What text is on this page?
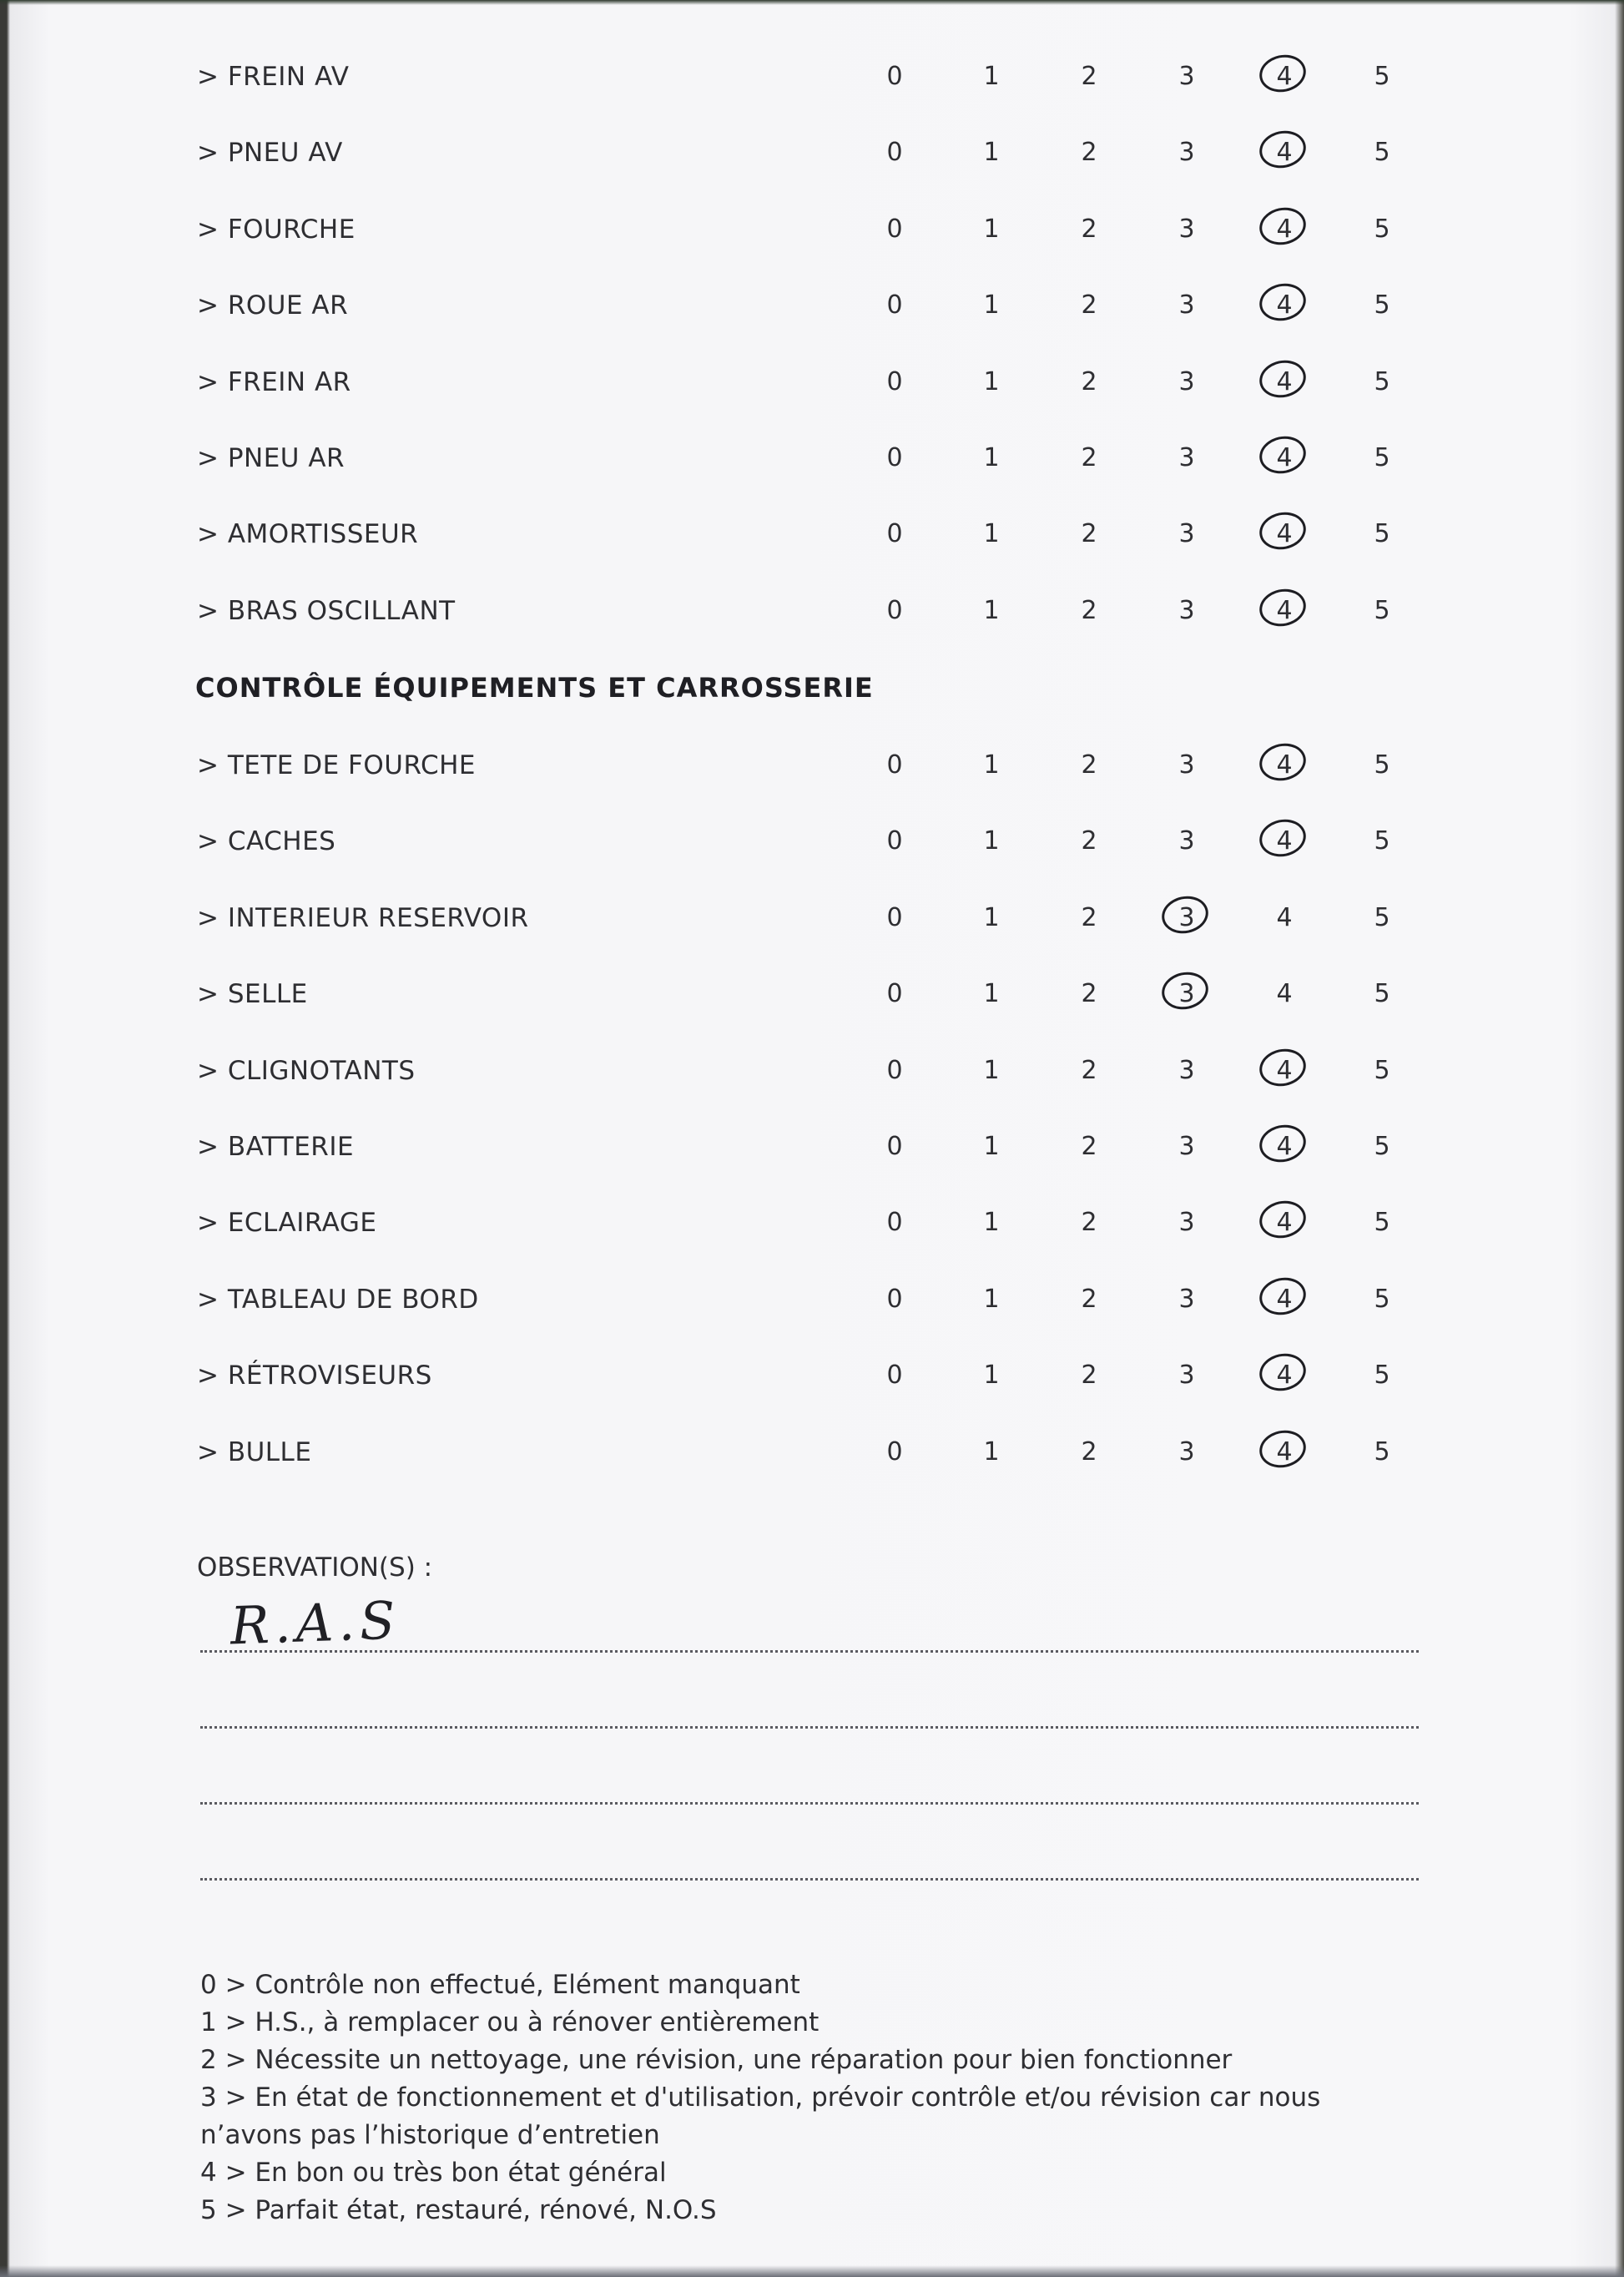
> FREIN AV	0	1	2	3	4	5
> PNEU AV	0	1	2	3	4	5
> FOURCHE	0	1	2	3	4	5
> ROUE AR	0	1	2	3	4	5
> FREIN AR	0	1	2	3	4	5
> PNEU AR	0	1	2	3	4	5
> AMORTISSEUR	0	1	2	3	4	5
> BRAS OSCILLANT	0	1	2	3	4	5
> TETE DE FOURCHE	0	1	2	3	4	5
> CACHES	0	1	2	3	4	5
> INTERIEUR RESERVOIR	0	1	2	3	4	5
> SELLE	0	1	2	3	4	5
> CLIGNOTANTS	0	1	2	3	4	5
> BATTERIE	0	1	2	3	4	5
> ECLAIRAGE	0	1	2	3	4	5
> TABLEAU DE BORD	0	1	2	3	4	5
> RÉTROVISEURS	0	1	2	3	4	5
> BULLE	0	1	2	3	4	5
CONTRÔLE ÉQUIPEMENTS ET CARROSSERIE
OBSERVATION(S) :
R.A.S
0 > Contrôle non effectué, Elément manquant
1 > H.S., à remplacer ou à rénover entièrement
2 > Nécessite un nettoyage, une révision, une réparation pour bien fonctionner
3 > En état de fonctionnement et d'utilisation, prévoir contrôle et/ou révision car nous
n’avons pas l’historique d’entretien
4 > En bon ou très bon état général
5 > Parfait état, restauré, rénové, N.O.S
